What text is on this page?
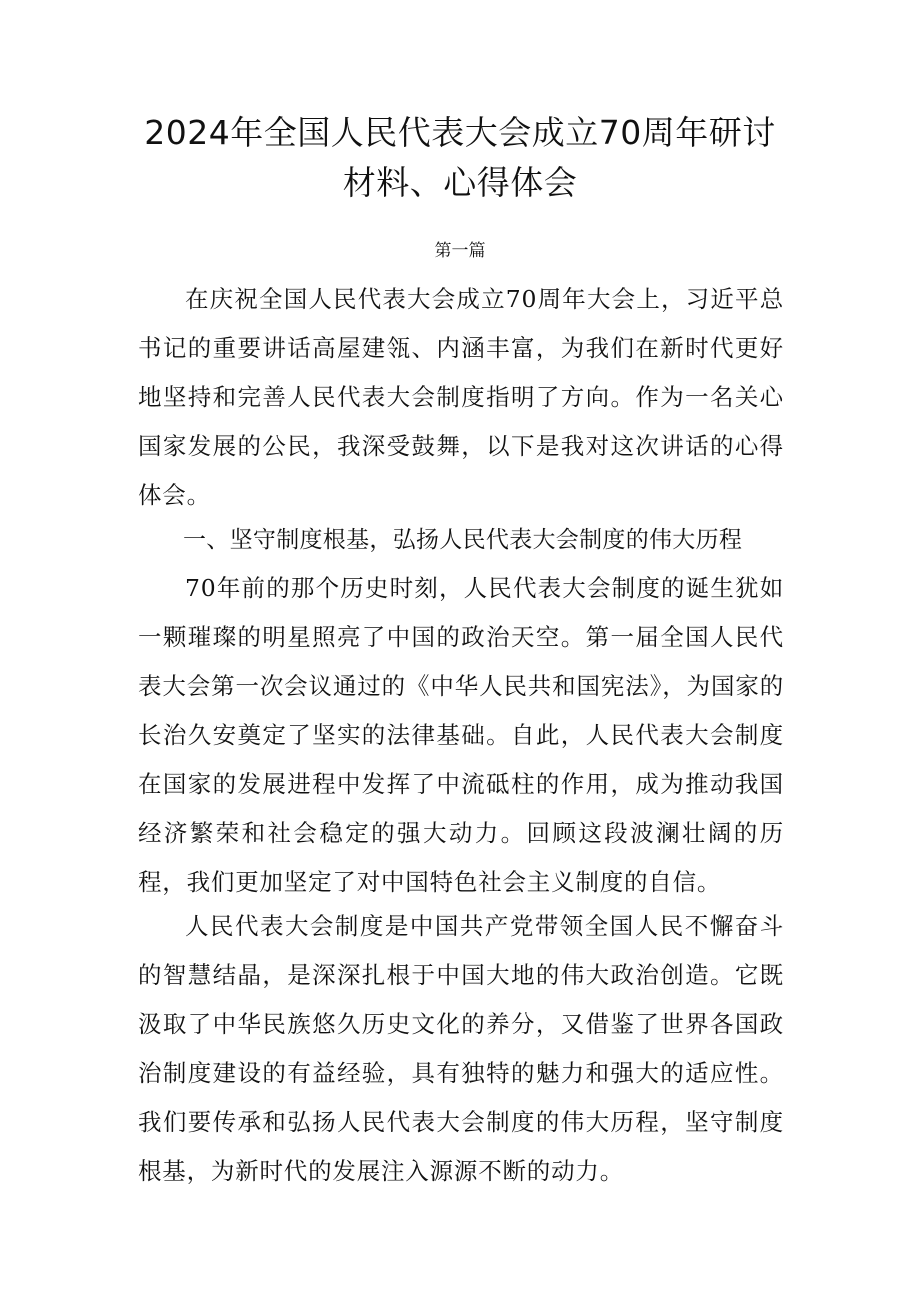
2024年全国人民代表大会成立70周年研讨
材料、心得体会
第一篇

在庆祝全国人民代表大会成立70周年大会上，习近平总书记的重要讲话高屋建瓴、内涵丰富，为我们在新时代更好地坚持和完善人民代表大会制度指明了方向。作为一名关心国家发展的公民，我深受鼓舞，以下是我对这次讲话的心得体会。

一、坚守制度根基，弘扬人民代表大会制度的伟大历程

70年前的那个历史时刻，人民代表大会制度的诞生犹如一颗璀璨的明星照亮了中国的政治天空。第一届全国人民代表大会第一次会议通过的《中华人民共和国宪法》，为国家的长治久安奠定了坚实的法律基础。自此，人民代表大会制度在国家的发展进程中发挥了中流砥柱的作用，成为推动我国经济繁荣和社会稳定的强大动力。回顾这段波澜壮阔的历程，我们更加坚定了对中国特色社会主义制度的自信。

人民代表大会制度是中国共产党带领全国人民不懈奋斗的智慧结晶，是深深扎根于中国大地的伟大政治创造。它既汲取了中华民族悠久历史文化的养分，又借鉴了世界各国政治制度建设的有益经验，具有独特的魅力和强大的适应性。我们要传承和弘扬人民代表大会制度的伟大历程，坚守制度根基，为新时代的发展注入源源不断的动力。
